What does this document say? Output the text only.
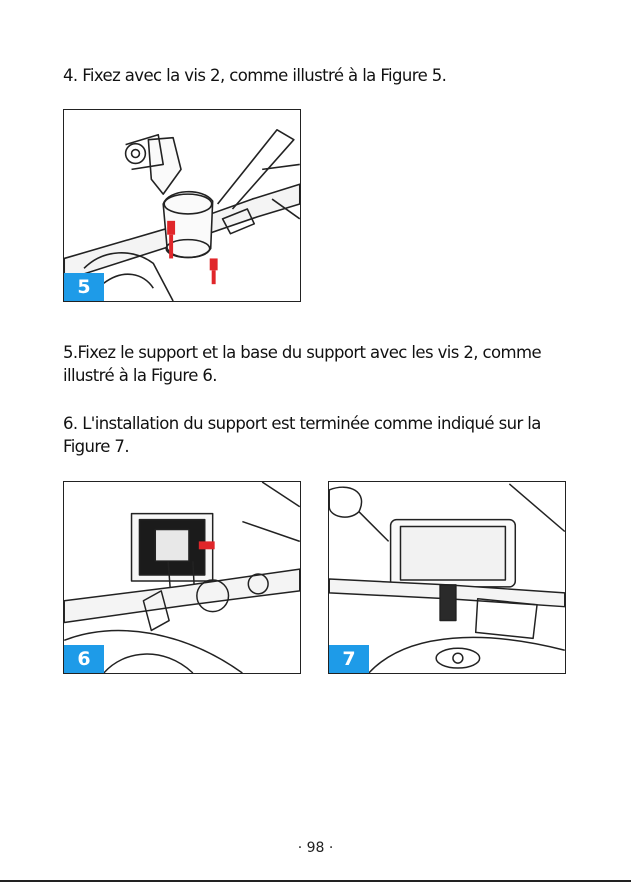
4. Fixez avec la vis 2, comme illustré à la Figure 5.
5
5.Fixez le support et la base du support avec les vis 2, comme illustré à la Figure 6.
6. L'installation du support est terminée comme indiqué sur la Figure 7.
6	7
· 98 ·
